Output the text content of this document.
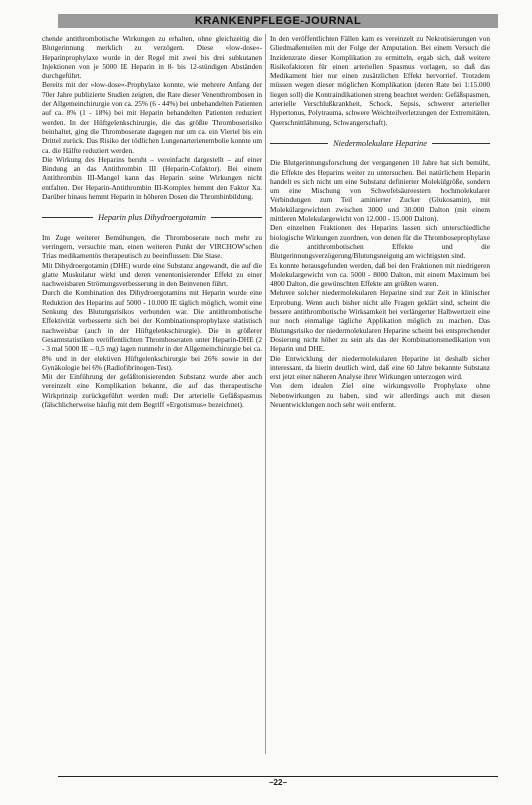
KRANKENPFLEGE-JOURNAL

chende antithrombotische Wirkungen zu erhalten, ohne gleichzeitig die Blutgerinnung merklich zu verzögern. Diese »low-dose«-Heparinprophylaxe wurde in der Regel mit zwei bis drei subkutanen Injektionen von je 5000 IE Heparin in 8- bis 12-stündigen Abständen durchgeführt.

Bereits mit der »low-dose«-Prophylaxe konnte, wie mehrere Anfang der 70er Jahre publizierte Studien zeigten, die Rate dieser Venenthrombosen in der Allgemeinchirurgie von ca. 25% (6 - 44%) bei unbehandelten Patienten auf ca. 8% (1 - 18%) bei mit Heparin behandelten Patienten reduziert werden. In der Hüftgelenkschirurgie, die das größte Thromboserisiko beinhaltet, ging die Thromboserate dagegen nur um ca. ein Viertel bis ein Drittel zurück. Das Risiko der tödlichen Lungenarterienembolie konnte um ca. die Hälfte reduziert werden.

Die Wirkung des Heparins beruht – vereinfacht dargestellt – auf einer Bindung an das Antithrombin III (Heparin-Cofaktor). Bei einem Antithrombin III-Mangel kann das Heparin seine Wirkungen nicht entfalten. Der Heparin-Antithrombin III-Komplex hemmt den Faktor Xa. Darüber hinaus hemmt Heparin in höheren Dosen die Thrombinbildung.

Heparin plus Dihydroergotamin

Im Zuge weiterer Bemühungen, die Thromboserate noch mehr zu verringern, versuchte man, einen weiteren Punkt der VIRCHOW'schen Trias medikamentös therapeutisch zu beeinflussen: Die Stase.

Mit Dihydroergotamin (DHE) wurde eine Substanz angewandt, die auf die glatte Muskulatur wirkt und deren venentonisierender Effekt zu einer nachweisbaren Strömungsverbesserung in den Beinvenen führt.

Durch die Kombination des Dihydroergotamins mit Heparin wurde eine Reduktion des Heparins auf 5000 - 10.000 IE täglich möglich, womit eine Senkung des Blutungsrisikos verbunden war. Die antithrombotische Effektivität verbesserte sich bei der Kombinationsprophylaxe statistisch nachweisbar (auch in der Hüftgelenkschirurgie). Die in größerer Gesamtstatistiken veröffentlichten Thromboseraten unter Heparin-DHE (2 - 3 mal 5000 IE – 0,5 mg) lagen nunmehr in der Allgemeinchirurgie bei ca. 8% und in der elektiven Hüftgelenkschirurgie bei 26% sowie in der Gynäkologie bei 6% (Radiofibrinogen-Test).

Mit der Einführung der gefäßtonisierenden Substanz wurde aber auch vereinzelt eine Komplikation bekannt, die auf das therapeutische Wirkprinzip zurückgeführt werden muß: Der arterielle Gefäßspasmus (fälschlicherweise häufig mit dem Begriff »Ergotismus« bezeichnet).

In den veröffentlichten Fällen kam es vereinzelt zu Nekrotisierungen von Gliedmaßenteilen mit der Folge der Amputation. Bei einem Versuch die Inzidenzrate dieser Komplikation zu ermitteln, ergab sich, daß weitere Risikofaktoren für einen arteriellen Spasmus vorlagen, so daß das Medikament hier nur einen zusätzlichen Effekt hervorrief. Trotzdem müssen wegen dieser möglichen Komplikation (deren Rate bei 1:15.000 liegen soll) die Kontraindikationen streng beachtet werden: Gefäßspasmen, arterielle Verschlußkrankheit, Schock, Sepsis, schwerer arterieller Hypertonus, Polytrauma, schwere Weichteilverletzungen der Extremitäten, Querschnittlähmung, Schwangerschaft).

Niedermolekulare Heparine

Die Blutgerinnungsforschung der vergangenen 10 Jahre hat sich bemüht, die Effekte des Heparins weiter zu untersuchen. Bei natürlichem Heparin handelt es sich nicht um eine Substanz definierter Molekülgröße, sondern um eine Mischung von Schwefelsäureestern hochmolekularer Verbindungen zum Teil aminierter Zucker (Glukosamin), mit Molekülargewichten zwischen 3000 und 30.000 Dalton (mit einem mittleren Molekulargewicht von 12.000 - 15.000 Dalton).

Den einzelnen Fraktionen des Heparins lassen sich unterschiedliche biologische Wirkungen zuordnen, von denen für die Thromboseprophylaxe die antithrombotischen Effekte und die Blutgerinnungsverzögerung/Blutungsneigung am wichtigsten sind.

Es konnte herausgefunden werden, daß bei den Fraktionen mit niedrigeren Molekulargewicht von ca. 5000 - 8000 Dalton, mit einem Maximum bei 4800 Dalton, die gewünschten Effekte am größten waren.

Mehrere solcher niedermolekularen Heparine sind zur Zeit in klinischer Erprobung. Wenn auch bisher nicht alle Fragen geklärt sind, scheint die bessere antithrombotische Wirksamkeit bei verlängerter Halbwertzeit eine nur noch einmalige tägliche Applikation möglich zu machen. Das Blutungsrisiko der niedermolekularen Heparine scheint bei entsprechender Dosierung nicht höher zu sein als das der Kombinationsmedikation von Heparin und DHE.

Die Entwicklung der niedermolekularen Heparine ist deshalb sicher interessant, da hierin deutlich wird, daß eine 60 Jahre bekannte Substanz erst jetzt einer näheren Analyse ihrer Wirkungen unterzogen wird.

Von dem idealen Ziel eine wirkungsvolle Prophylaxe ohne Nebenwirkungen zu haben, sind wir allerdings auch mit diesen Neuentwicklungen noch sehr weit entfernt.

–22–
